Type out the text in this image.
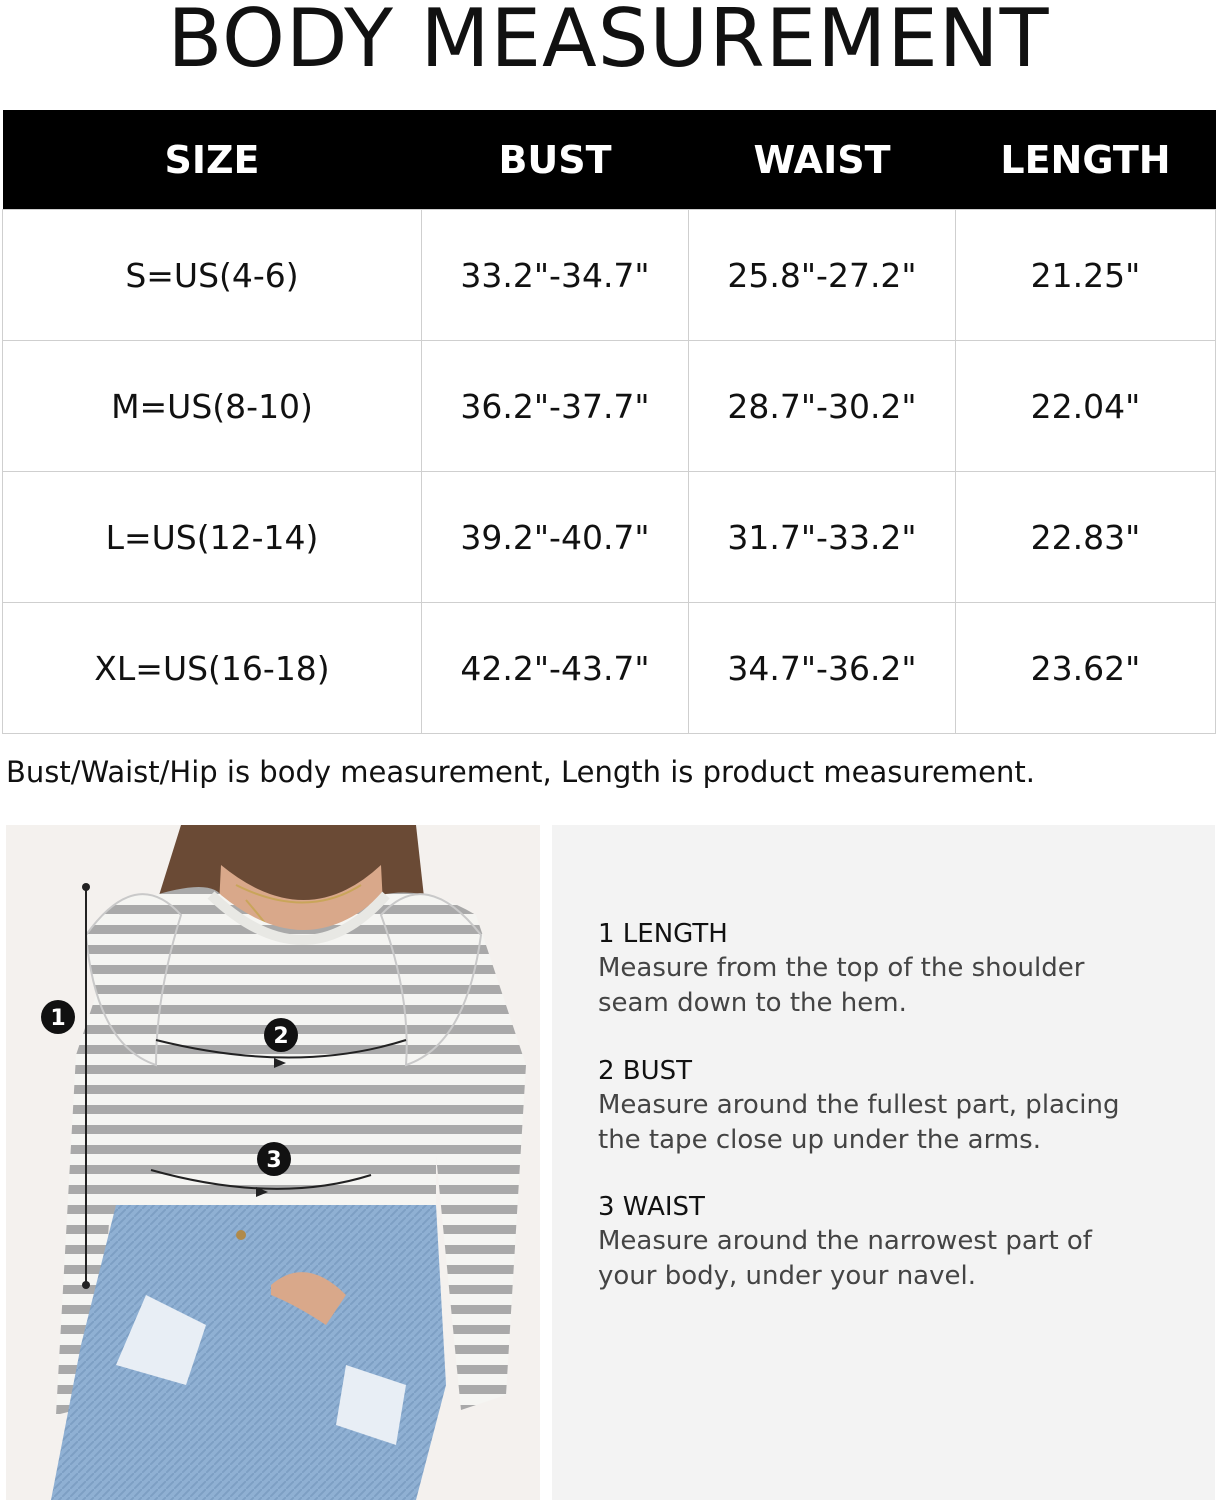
BODY MEASUREMENT
SIZE	BUST	WAIST	LENGTH
S=US(4-6)	33.2"-34.7"	25.8"-27.2"	21.25"
M=US(8-10)	36.2"-37.7"	28.7"-30.2"	22.04"
L=US(12-14)	39.2"-40.7"	31.7"-33.2"	22.83"
XL=US(16-18)	42.2"-43.7"	34.7"-36.2"	23.62"

Bust/Waist/Hip is body measurement, Length is product measurement.

1
2
3

1 LENGTH

Measure from the top of the shoulder

seam down to the hem.

2 BUST

Measure around the fullest part, placing

the tape close up under the arms.

3 WAIST

Measure around the narrowest part of

your body, under your navel.
